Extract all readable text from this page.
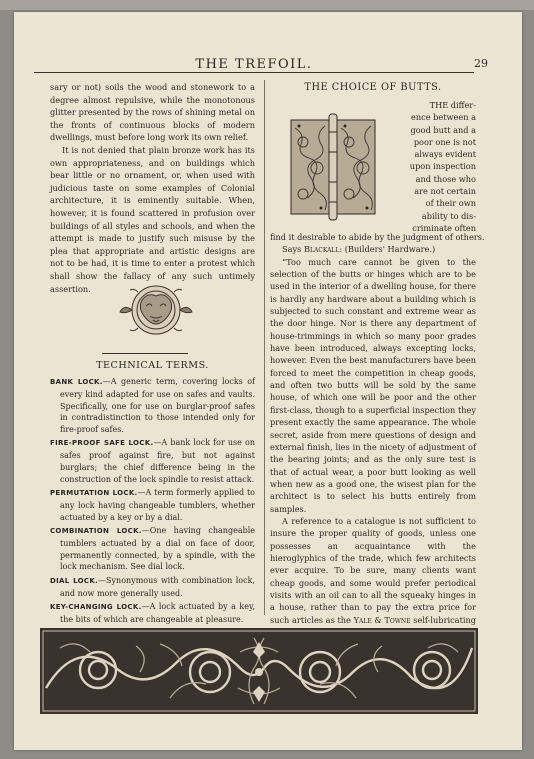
THE TREFOIL.	29

sary or not) soils the wood and stonework to a degree almost repulsive, while the monotonous glitter presented by the rows of shining metal on the fronts of continuous blocks of modern dwellings, must before long work its own relief.

It is not denied that plain bronze work has its own appropriateness, and on buildings which bear little or no ornament, or, when used with judicious taste on some examples of Colonial architecture, it is eminently suitable. When, however, it is found scattered in profusion over buildings of all styles and schools, and when the attempt is made to justify such misuse by the plea that appropriate and artistic designs are not to be had, it is time to enter a protest which shall show the fallacy of any such untimely assertion.

TECHNICAL TERMS.
BANK LOCK.—A generic term, covering locks of every kind adapted for use on safes and vaults. Specifically, one for use on burglar-proof safes in contradistinction to those intended only for fire-proof safes.
FIRE-PROOF SAFE LOCK.—A bank lock for use on safes proof against fire, but not against burglars; the chief difference being in the construction of the lock spindle to resist attack.
PERMUTATION LOCK.—A term formerly applied to any lock having changeable tumblers, whether actuated by a key or by a dial.
COMBINATION LOCK.—One having changeable tumblers actuated by a dial on face of door, permanently connected, by a spindle, with the lock mechanism. See dial lock.
DIAL LOCK.—Synonymous with combination lock, and now more generally used.
KEY-CHANGING LOCK.—A lock actuated by a key, the bits of which are changeable at pleasure.
THE CHOICE OF BUTTS.
THE differ-
ence between a
good butt and a
poor one is not
always evident
upon inspection
and those who
are not certain
of their own
ability to dis-
criminate often

find it desirable to abide by the judgment of others.

Says Blackall: (Builders' Hardware.)

“Too much care cannot be given to the selection of the butts or hinges which are to be used in the interior of a dwelling house, for there is hardly any hardware about a building which is subjected to such constant and extreme wear as the door hinge. Nor is there any department of house-trimmings in which so many poor grades have been introduced, always excepting locks, however. Even the best manufacturers have been forced to meet the competition in cheap goods, and often two butts will be sold by the same house, of which one will be poor and the other first-class, though to a superficial inspection they present exactly the same appearance. The whole secret, aside from mere questions of design and external finish, lies in the nicety of adjustment of the bearing joints; and as the only sure test is that of actual wear, a poor butt looking as well when new as a good one, the wisest plan for the architect is to select his butts entirely from samples.

A reference to a catalogue is not sufficient to insure the proper quality of goods, unless one possesses an acquaintance with the hieroglyphics of the trade, which few architects ever acquire. To be sure, many clients want cheap goods, and some would prefer periodical visits with an oil can to all the squeaky hinges in a house, rather than to pay the extra price for such articles as the Yale & Towne self-lubricating
